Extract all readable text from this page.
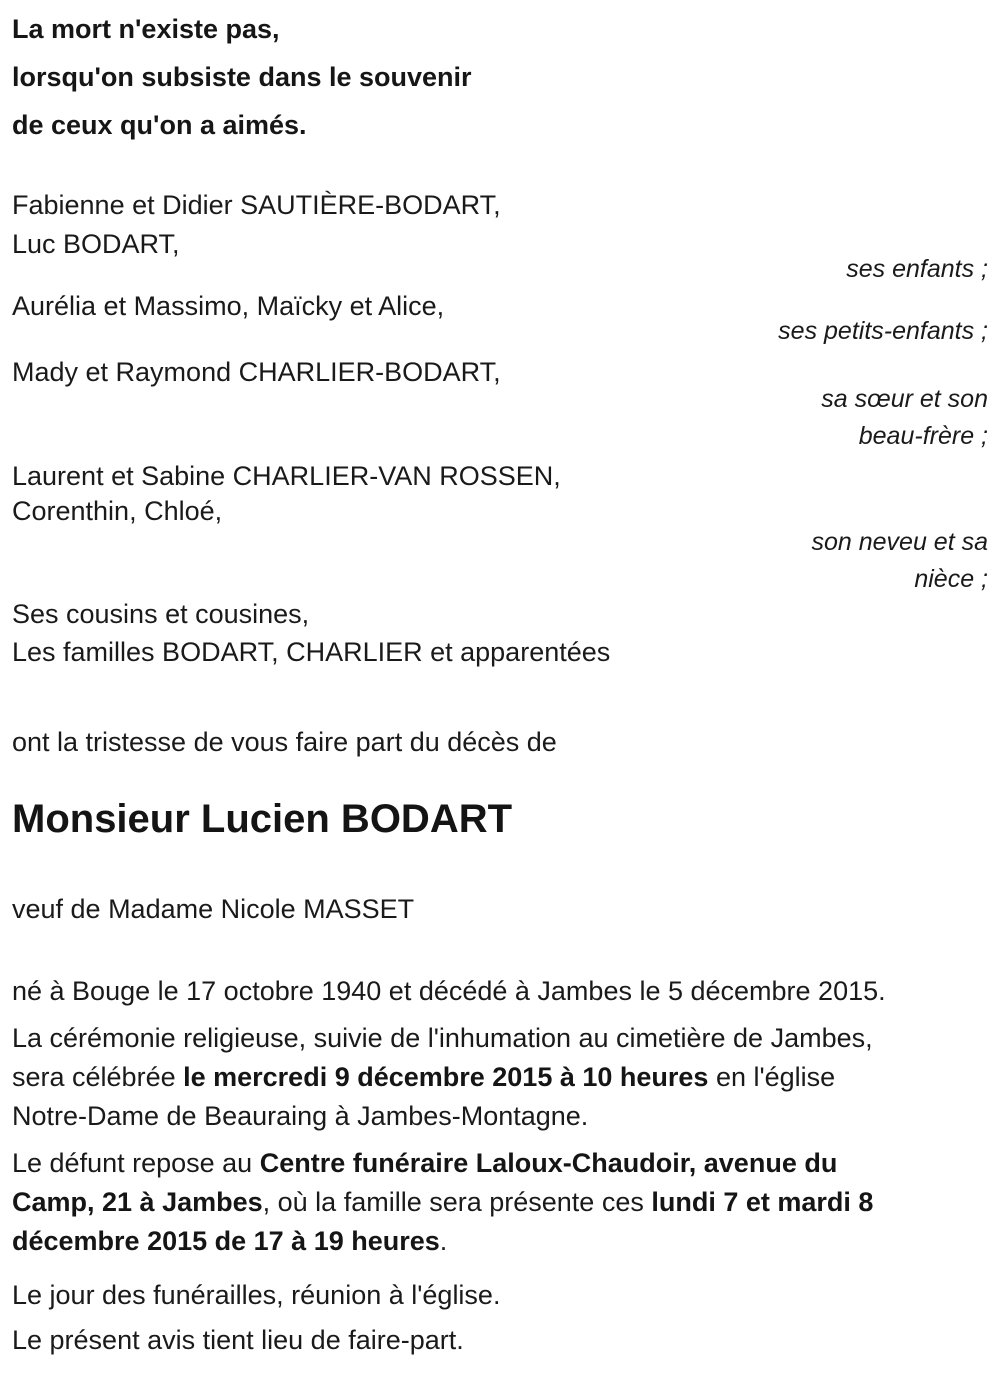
La mort n'existe pas,
lorsqu'on subsiste dans le souvenir
de ceux qu'on a aimés.
Fabienne et Didier SAUTIÈRE-BODART,
Luc BODART,
ses enfants ;
Aurélia et Massimo, Maïcky et Alice,
ses petits-enfants ;
Mady et Raymond CHARLIER-BODART,
sa sœur et son
beau-frère ;
Laurent et Sabine CHARLIER-VAN ROSSEN,
Corenthin, Chloé,
son neveu et sa
nièce ;
Ses cousins et cousines,
Les familles BODART, CHARLIER et apparentées

ont la tristesse de vous faire part du décès de

Monsieur Lucien BODART

veuf de Madame Nicole MASSET

né à Bouge le 17 octobre 1940 et décédé à Jambes le 5 décembre 2015.
La cérémonie religieuse, suivie de l'inhumation au cimetière de Jambes,
sera célébrée le mercredi 9 décembre 2015 à 10 heures en l'église
Notre-Dame de Beauraing à Jambes-Montagne.
Le défunt repose au Centre funéraire Laloux-Chaudoir, avenue du
Camp, 21 à Jambes, où la famille sera présente ces lundi 7 et mardi 8
décembre 2015 de 17 à 19 heures.
Le jour des funérailles, réunion à l'église.
Le présent avis tient lieu de faire-part.
